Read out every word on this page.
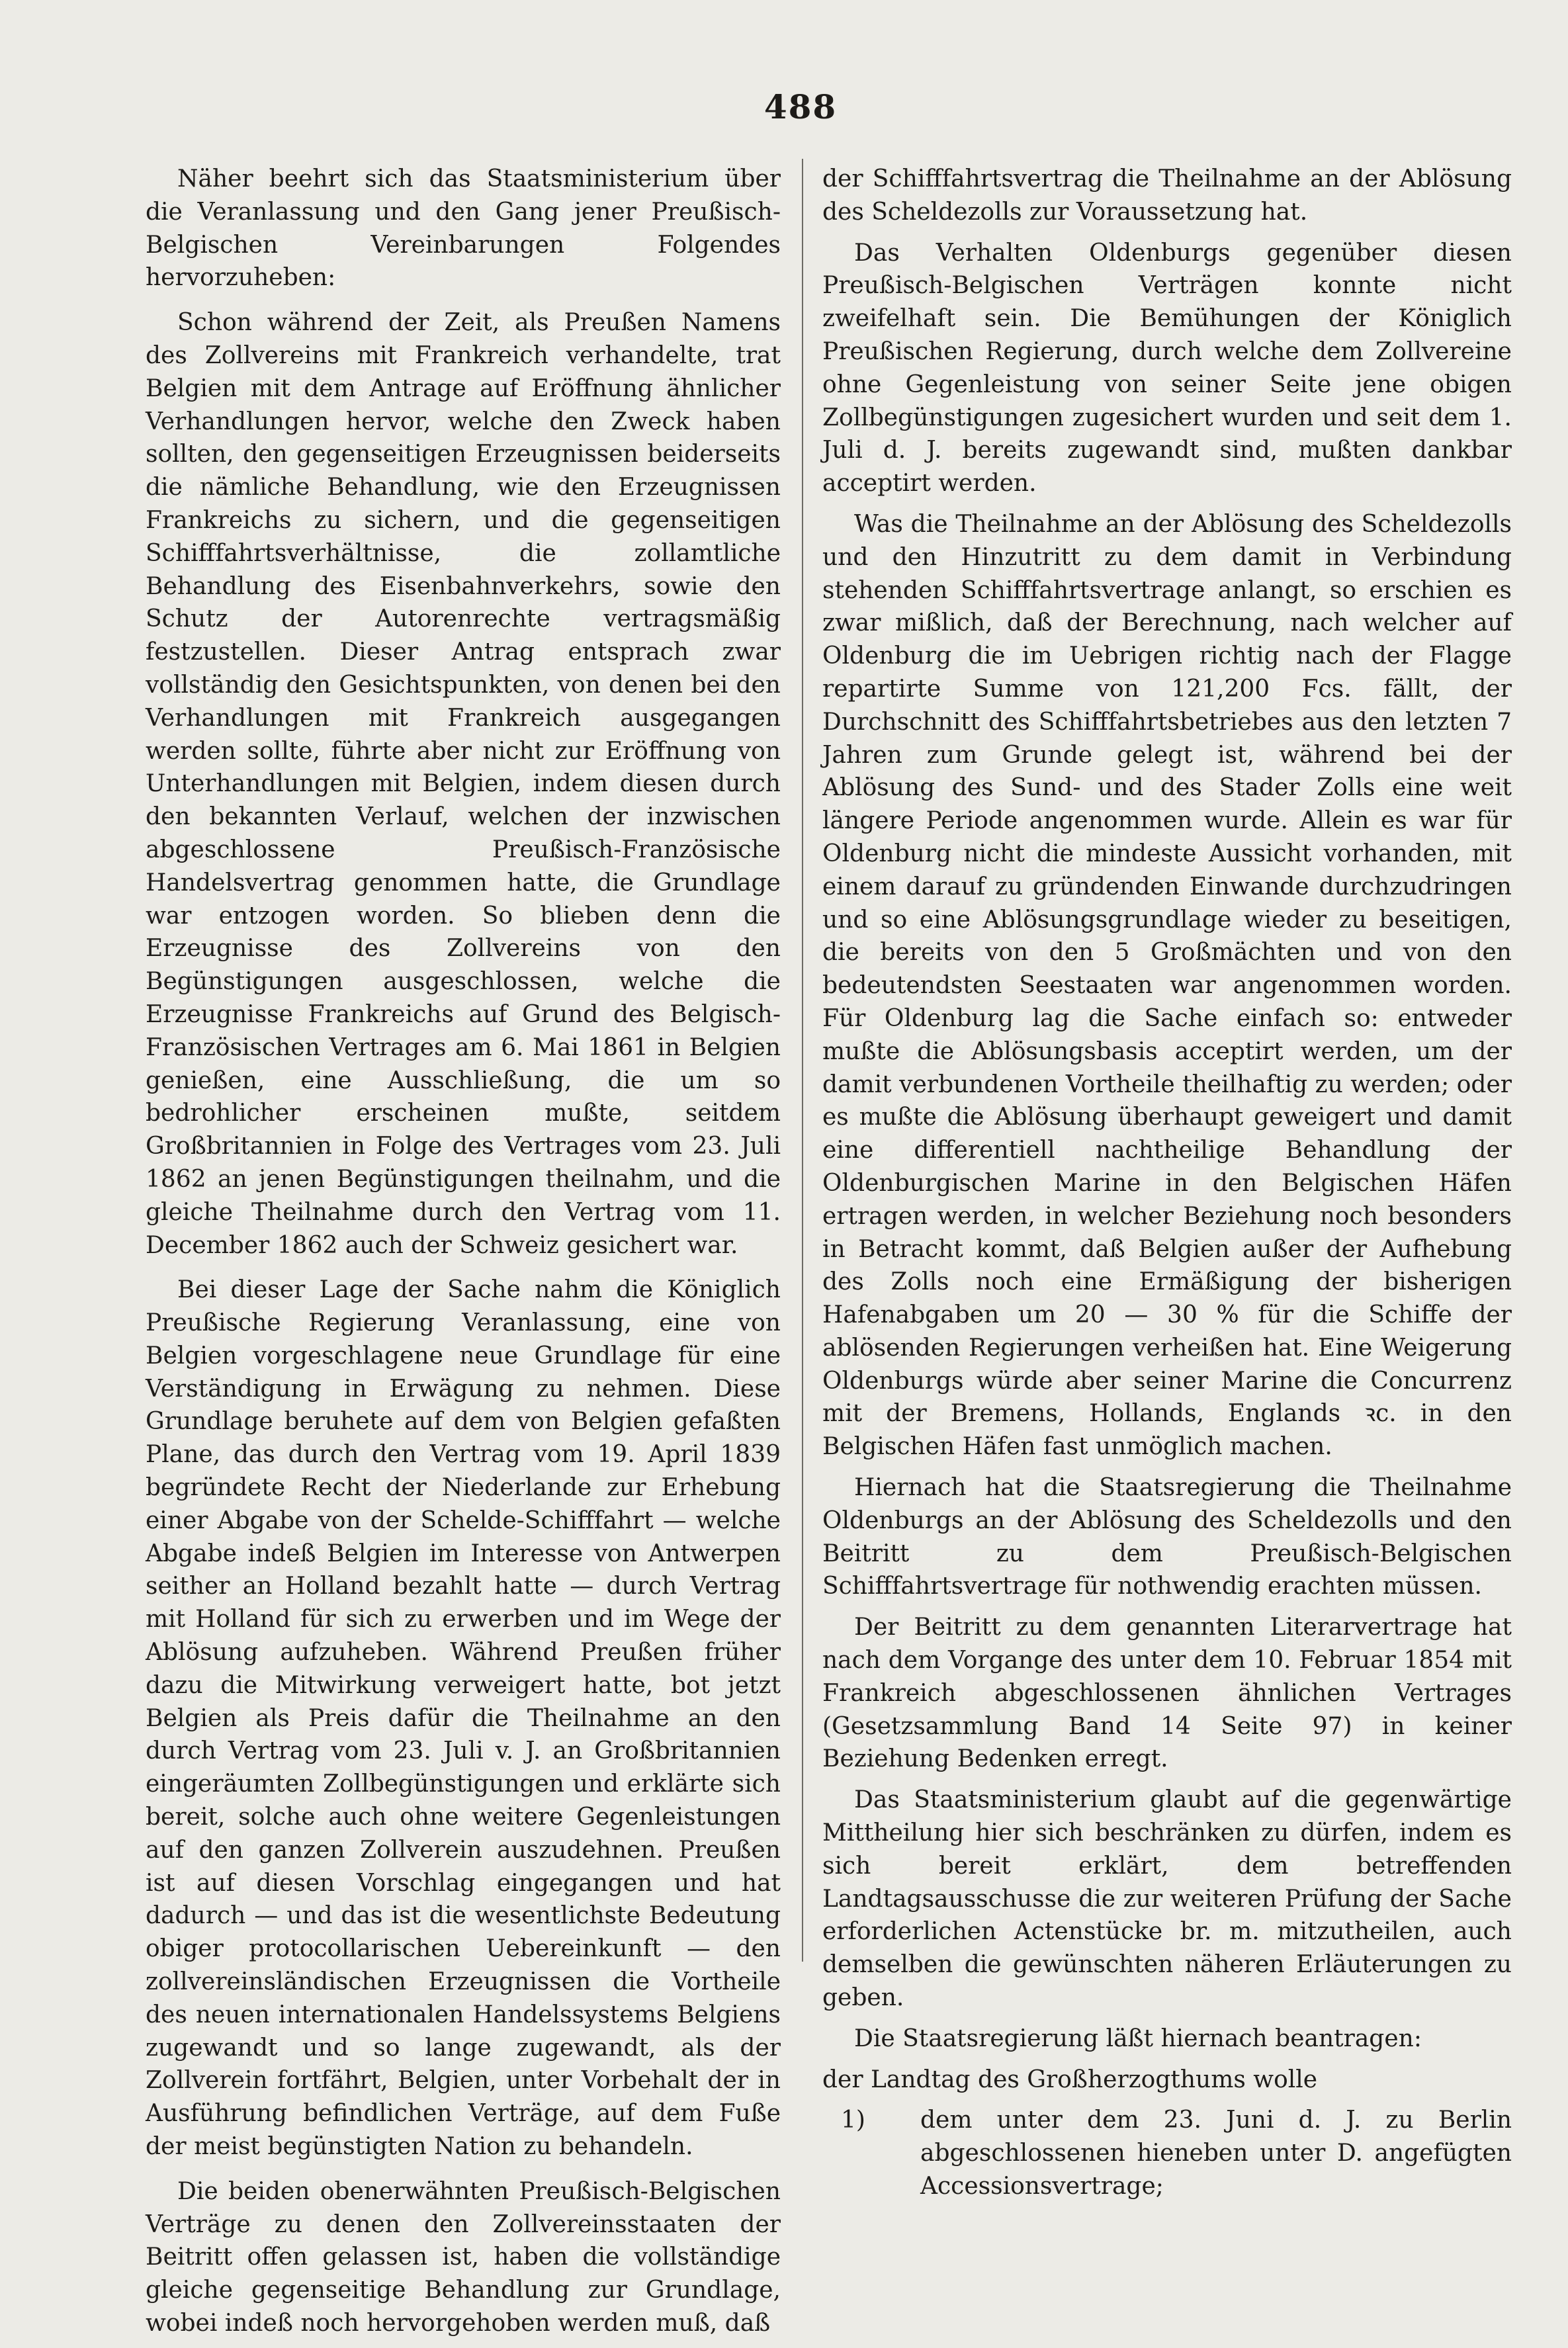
488

Näher beehrt sich das Staatsministerium über die Veranlassung und den Gang jener Preußisch-Belgischen Vereinbarungen Folgendes hervorzuheben:

Schon während der Zeit, als Preußen Namens des Zollvereins mit Frankreich verhandelte, trat Belgien mit dem Antrage auf Eröffnung ähnlicher Verhandlungen hervor, welche den Zweck haben sollten, den gegenseitigen Erzeugnissen beiderseits die nämliche Behandlung, wie den Erzeugnissen Frankreichs zu sichern, und die gegenseitigen Schifffahrtsverhältnisse, die zollamtliche Behandlung des Eisenbahnverkehrs, sowie den Schutz der Autorenrechte vertragsmäßig festzustellen. Dieser Antrag entsprach zwar vollständig den Gesichtspunkten, von denen bei den Verhandlungen mit Frankreich ausgegangen werden sollte, führte aber nicht zur Eröffnung von Unterhandlungen mit Belgien, indem diesen durch den bekannten Verlauf, welchen der inzwischen abgeschlossene Preußisch-Französische Handelsvertrag genommen hatte, die Grundlage war entzogen worden. So blieben denn die Erzeugnisse des Zollvereins von den Begünstigungen ausgeschlossen, welche die Erzeugnisse Frankreichs auf Grund des Belgisch-Französischen Vertrages am 6. Mai 1861 in Belgien genießen, eine Ausschließung, die um so bedrohlicher erscheinen mußte, seitdem Großbritannien in Folge des Vertrages vom 23. Juli 1862 an jenen Begünstigungen theilnahm, und die gleiche Theilnahme durch den Vertrag vom 11. December 1862 auch der Schweiz gesichert war.

Bei dieser Lage der Sache nahm die Königlich Preußische Regierung Veranlassung, eine von Belgien vorgeschlagene neue Grundlage für eine Verständigung in Erwägung zu nehmen. Diese Grundlage beruhete auf dem von Belgien gefaßten Plane, das durch den Vertrag vom 19. April 1839 begründete Recht der Niederlande zur Erhebung einer Abgabe von der Schelde-Schifffahrt — welche Abgabe indeß Belgien im Interesse von Antwerpen seither an Holland bezahlt hatte — durch Vertrag mit Holland für sich zu erwerben und im Wege der Ablösung aufzuheben. Während Preußen früher dazu die Mitwirkung verweigert hatte, bot jetzt Belgien als Preis dafür die Theilnahme an den durch Vertrag vom 23. Juli v. J. an Großbritannien eingeräumten Zollbegünstigungen und erklärte sich bereit, solche auch ohne weitere Gegenleistungen auf den ganzen Zollverein auszudehnen. Preußen ist auf diesen Vorschlag eingegangen und hat dadurch — und das ist die wesentlichste Bedeutung obiger protocollarischen Uebereinkunft — den zollvereinsländischen Erzeugnissen die Vortheile des neuen internationalen Handelssystems Belgiens zugewandt und so lange zugewandt, als der Zollverein fortfährt, Belgien, unter Vorbehalt der in Ausführung befindlichen Verträge, auf dem Fuße der meist begünstigten Nation zu behandeln.

Die beiden obenerwähnten Preußisch-Belgischen Verträge zu denen den Zollvereinsstaaten der Beitritt offen gelassen ist, haben die vollständige gleiche gegenseitige Behandlung zur Grundlage, wobei indeß noch hervorgehoben werden muß, daß

der Schifffahrtsvertrag die Theilnahme an der Ablösung des Scheldezolls zur Voraussetzung hat.

Das Verhalten Oldenburgs gegenüber diesen Preußisch-Belgischen Verträgen konnte nicht zweifelhaft sein. Die Bemühungen der Königlich Preußischen Regierung, durch welche dem Zollvereine ohne Gegenleistung von seiner Seite jene obigen Zollbegünstigungen zugesichert wurden und seit dem 1. Juli d. J. bereits zugewandt sind, mußten dankbar acceptirt werden.

Was die Theilnahme an der Ablösung des Scheldezolls und den Hinzutritt zu dem damit in Verbindung stehenden Schifffahrtsvertrage anlangt, so erschien es zwar mißlich, daß der Berechnung, nach welcher auf Oldenburg die im Uebrigen richtig nach der Flagge repartirte Summe von 121,200 Fcs. fällt, der Durchschnitt des Schifffahrtsbetriebes aus den letzten 7 Jahren zum Grunde gelegt ist, während bei der Ablösung des Sund- und des Stader Zolls eine weit längere Periode angenommen wurde. Allein es war für Oldenburg nicht die mindeste Aussicht vorhanden, mit einem darauf zu gründenden Einwande durchzudringen und so eine Ablösungsgrundlage wieder zu beseitigen, die bereits von den 5 Großmächten und von den bedeutendsten Seestaaten war angenommen worden. Für Oldenburg lag die Sache einfach so: entweder mußte die Ablösungsbasis acceptirt werden, um der damit verbundenen Vortheile theilhaftig zu werden; oder es mußte die Ablösung überhaupt geweigert und damit eine differentiell nachtheilige Behandlung der Oldenburgischen Marine in den Belgischen Häfen ertragen werden, in welcher Beziehung noch besonders in Betracht kommt, daß Belgien außer der Aufhebung des Zolls noch eine Ermäßigung der bisherigen Hafenabgaben um 20 — 30 % für die Schiffe der ablösenden Regierungen verheißen hat. Eine Weigerung Oldenburgs würde aber seiner Marine die Concurrenz mit der Bremens, Hollands, Englands ꝛc. in den Belgischen Häfen fast unmöglich machen.

Hiernach hat die Staatsregierung die Theilnahme Oldenburgs an der Ablösung des Scheldezolls und den Beitritt zu dem Preußisch-Belgischen Schifffahrtsvertrage für nothwendig erachten müssen.

Der Beitritt zu dem genannten Literarvertrage hat nach dem Vorgange des unter dem 10. Februar 1854 mit Frankreich abgeschlossenen ähnlichen Vertrages (Gesetzsammlung Band 14 Seite 97) in keiner Beziehung Bedenken erregt.

Das Staatsministerium glaubt auf die gegenwärtige Mittheilung hier sich beschränken zu dürfen, indem es sich bereit erklärt, dem betreffenden Landtagsausschusse die zur weiteren Prüfung der Sache erforderlichen Actenstücke br. m. mitzutheilen, auch demselben die gewünschten näheren Erläuterungen zu geben.

Die Staatsregierung läßt hiernach beantragen:

der Landtag des Großherzogthums wolle

1)	dem unter dem 23. Juni d. J. zu Berlin abgeschlossenen hieneben unter D. angefügten Accessionsvertrage;
